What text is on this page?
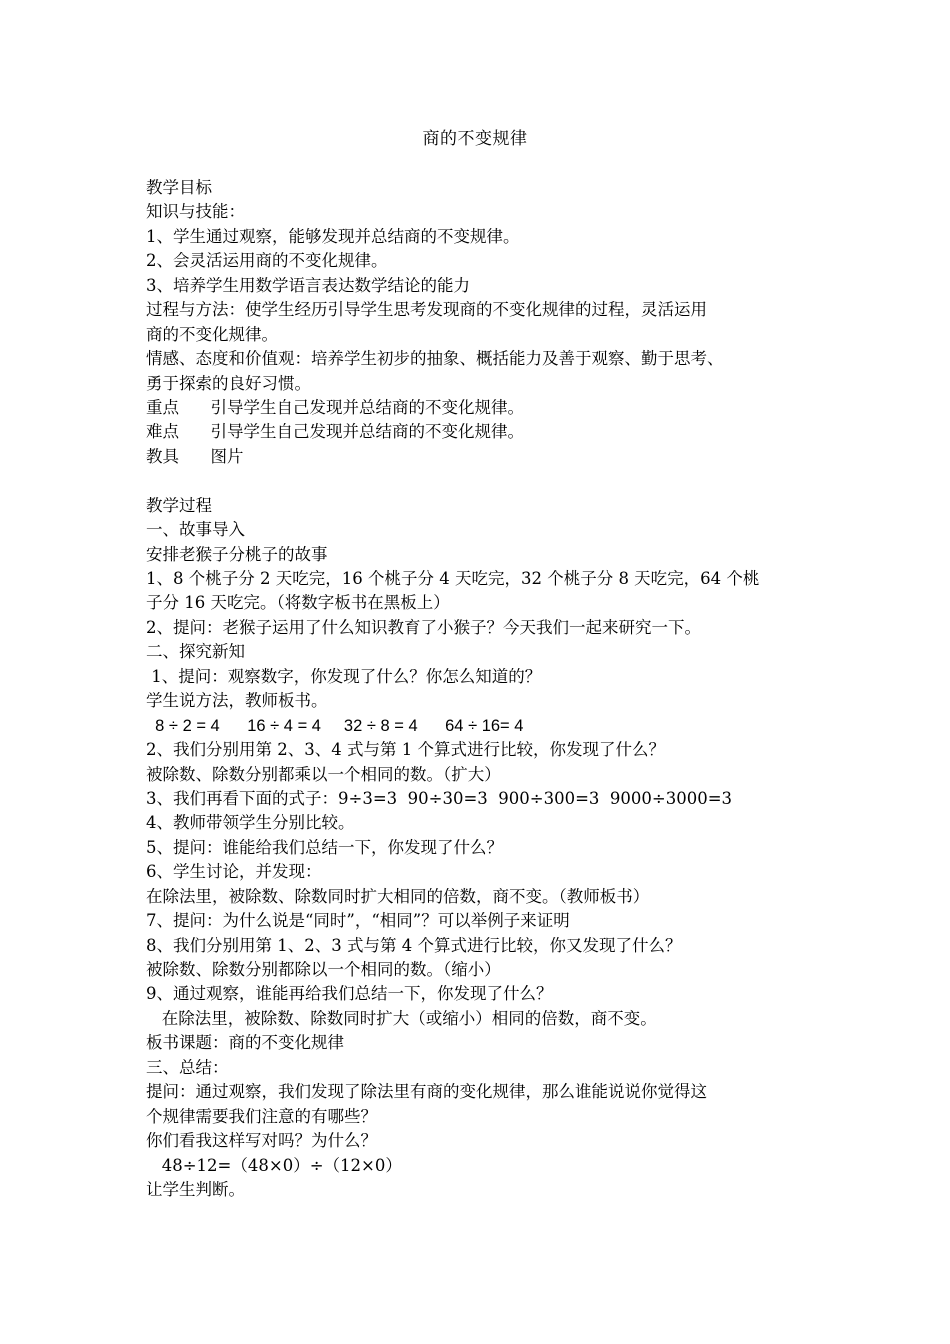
商的不变规律
教学目标
知识与技能：
1、学生通过观察，能够发现并总结商的不变规律。
2、会灵活运用商的不变化规律。
3、培养学生用数学语言表达数学结论的能力
过程与方法：使学生经历引导学生思考发现商的不变化规律的过程，灵活运用
商的不变化规律。
情感、态度和价值观：培养学生初步的抽象、概括能力及善于观察、勤于思考、
勇于探索的良好习惯。
重点      引导学生自己发现并总结商的不变化规律。
难点      引导学生自己发现并总结商的不变化规律。
教具      图片
教学过程
一、故事导入
安排老猴子分桃子的故事
1、8 个桃子分 2 天吃完，16 个桃子分 4 天吃完，32 个桃子分 8 天吃完，64 个桃
子分 16 天吃完。（将数字板书在黑板上）
2、提问：老猴子运用了什么知识教育了小猴子？今天我们一起来研究一下。
二、探究新知
1、提问：观察数字，你发现了什么？你怎么知道的？
学生说方法，教师板书。
8 ÷ 2 = 4      16 ÷ 4 = 4     32 ÷ 8 = 4      64 ÷ 16= 4
2、我们分别用第 2、3、4 式与第 1 个算式进行比较，你发现了什么？
被除数、除数分别都乘以一个相同的数。（扩大）
3、我们再看下面的式子：9÷3=3  90÷30=3  900÷300=3  9000÷3000=3
4、教师带领学生分别比较。
5、提问：谁能给我们总结一下，你发现了什么？
6、学生讨论，并发现：
在除法里，被除数、除数同时扩大相同的倍数，商不变。（教师板书）
7、提问：为什么说是“同时”，“相同”？可以举例子来证明
8、我们分别用第 1、2、3 式与第 4 个算式进行比较，你又发现了什么？
被除数、除数分别都除以一个相同的数。（缩小）
9、通过观察，谁能再给我们总结一下，你发现了什么？
在除法里，被除数、除数同时扩大（或缩小）相同的倍数，商不变。
板书课题：商的不变化规律
三、总结：
提问：通过观察，我们发现了除法里有商的变化规律，那么谁能说说你觉得这
个规律需要我们注意的有哪些？
你们看我这样写对吗？为什么？
48÷12=（48×0）÷（12×0）
让学生判断。
